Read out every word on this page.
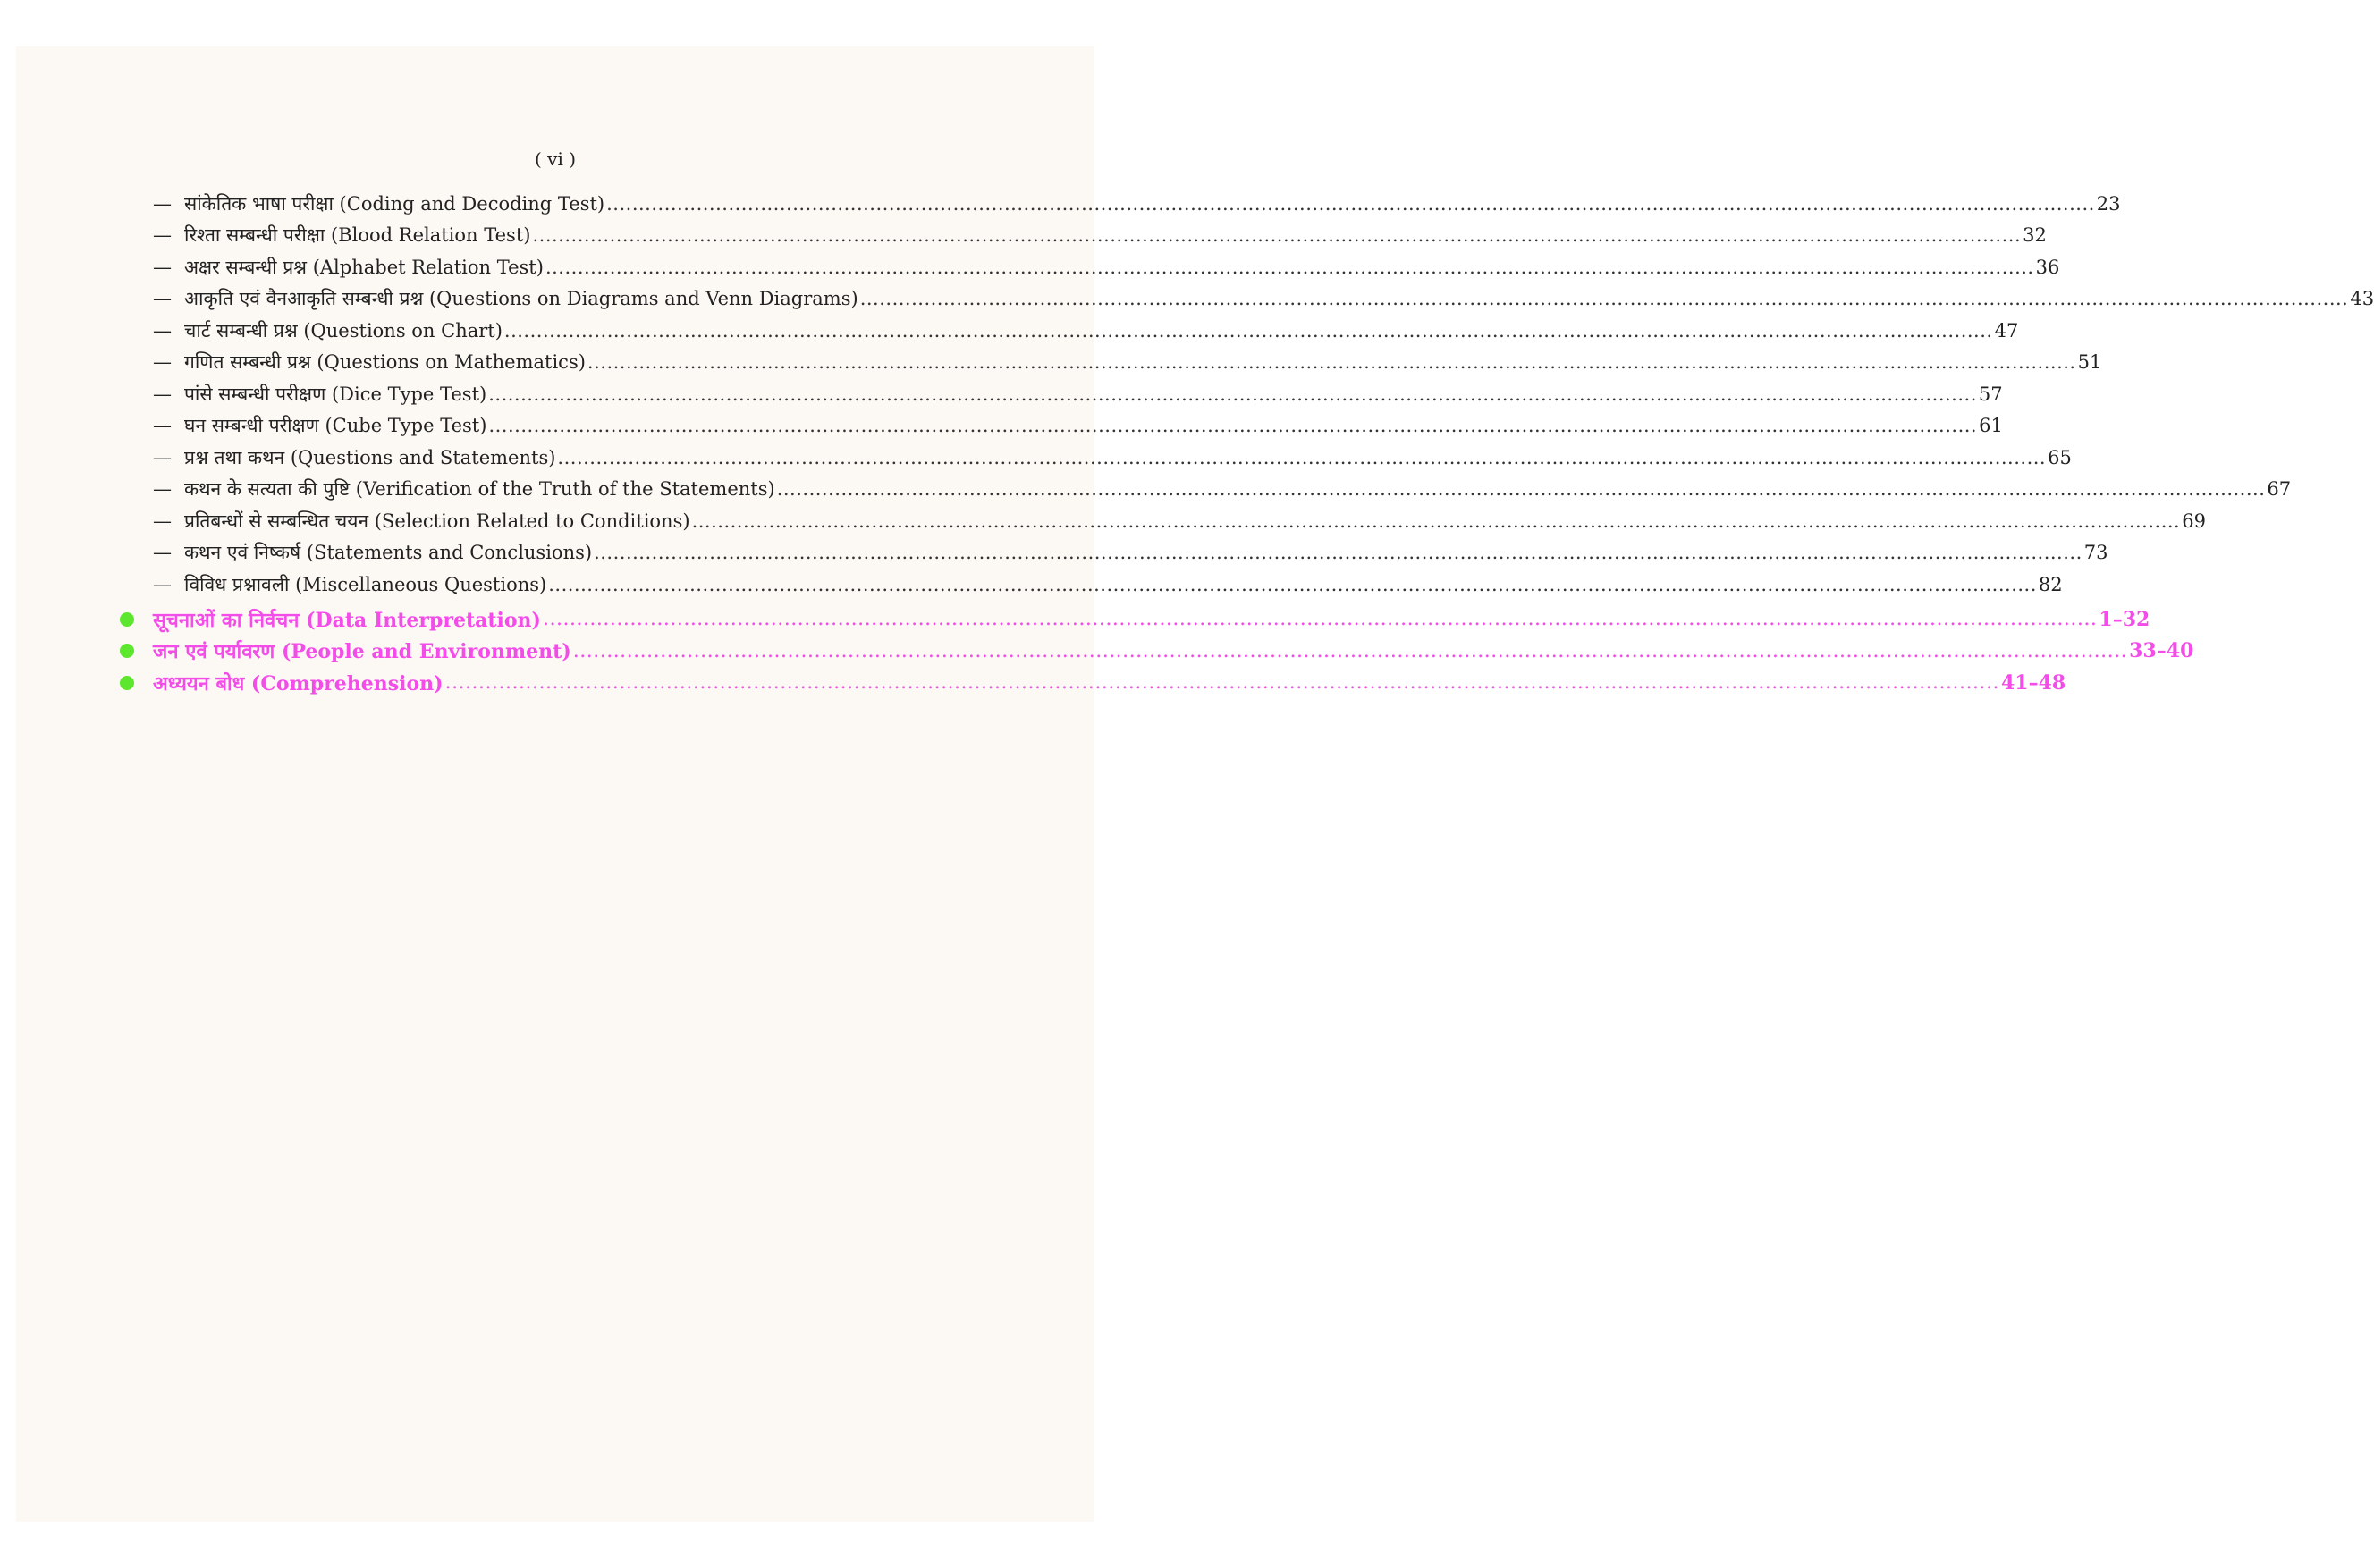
( vi )
— सांकेतिक भाषा परीक्षा (Coding and Decoding Test) .....	23
— रिश्ता सम्बन्धी परीक्षा (Blood Relation Test) .....	32
— अक्षर सम्बन्धी प्रश्न (Alphabet Relation Test) .....	36
— आकृति एवं वैनआकृति सम्बन्धी प्रश्न (Questions on Diagrams and Venn Diagrams) .....	43
— चार्ट सम्बन्धी प्रश्न (Questions on Chart) .....	47
— गणित सम्बन्धी प्रश्न (Questions on Mathematics) .....	51
— पांसे सम्बन्धी परीक्षण (Dice Type Test) .....	57
— घन सम्बन्धी परीक्षण (Cube Type Test) .....	61
— प्रश्न तथा कथन (Questions and Statements) .....	65
— कथन के सत्यता की पुष्टि (Verification of the Truth of the Statements) .....	67
— प्रतिबन्धों से सम्बन्धित चयन (Selection Related to Conditions) .....	69
— कथन एवं निष्कर्ष (Statements and Conclusions) .....	73
— विविध प्रश्नावली (Miscellaneous Questions) .....	82
सूचनाओं का निर्वचन (Data Interpretation) .....	1–32
जन एवं पर्यावरण (People and Environment) .....	33–40
अध्ययन बोध (Comprehension) .....	41–48
